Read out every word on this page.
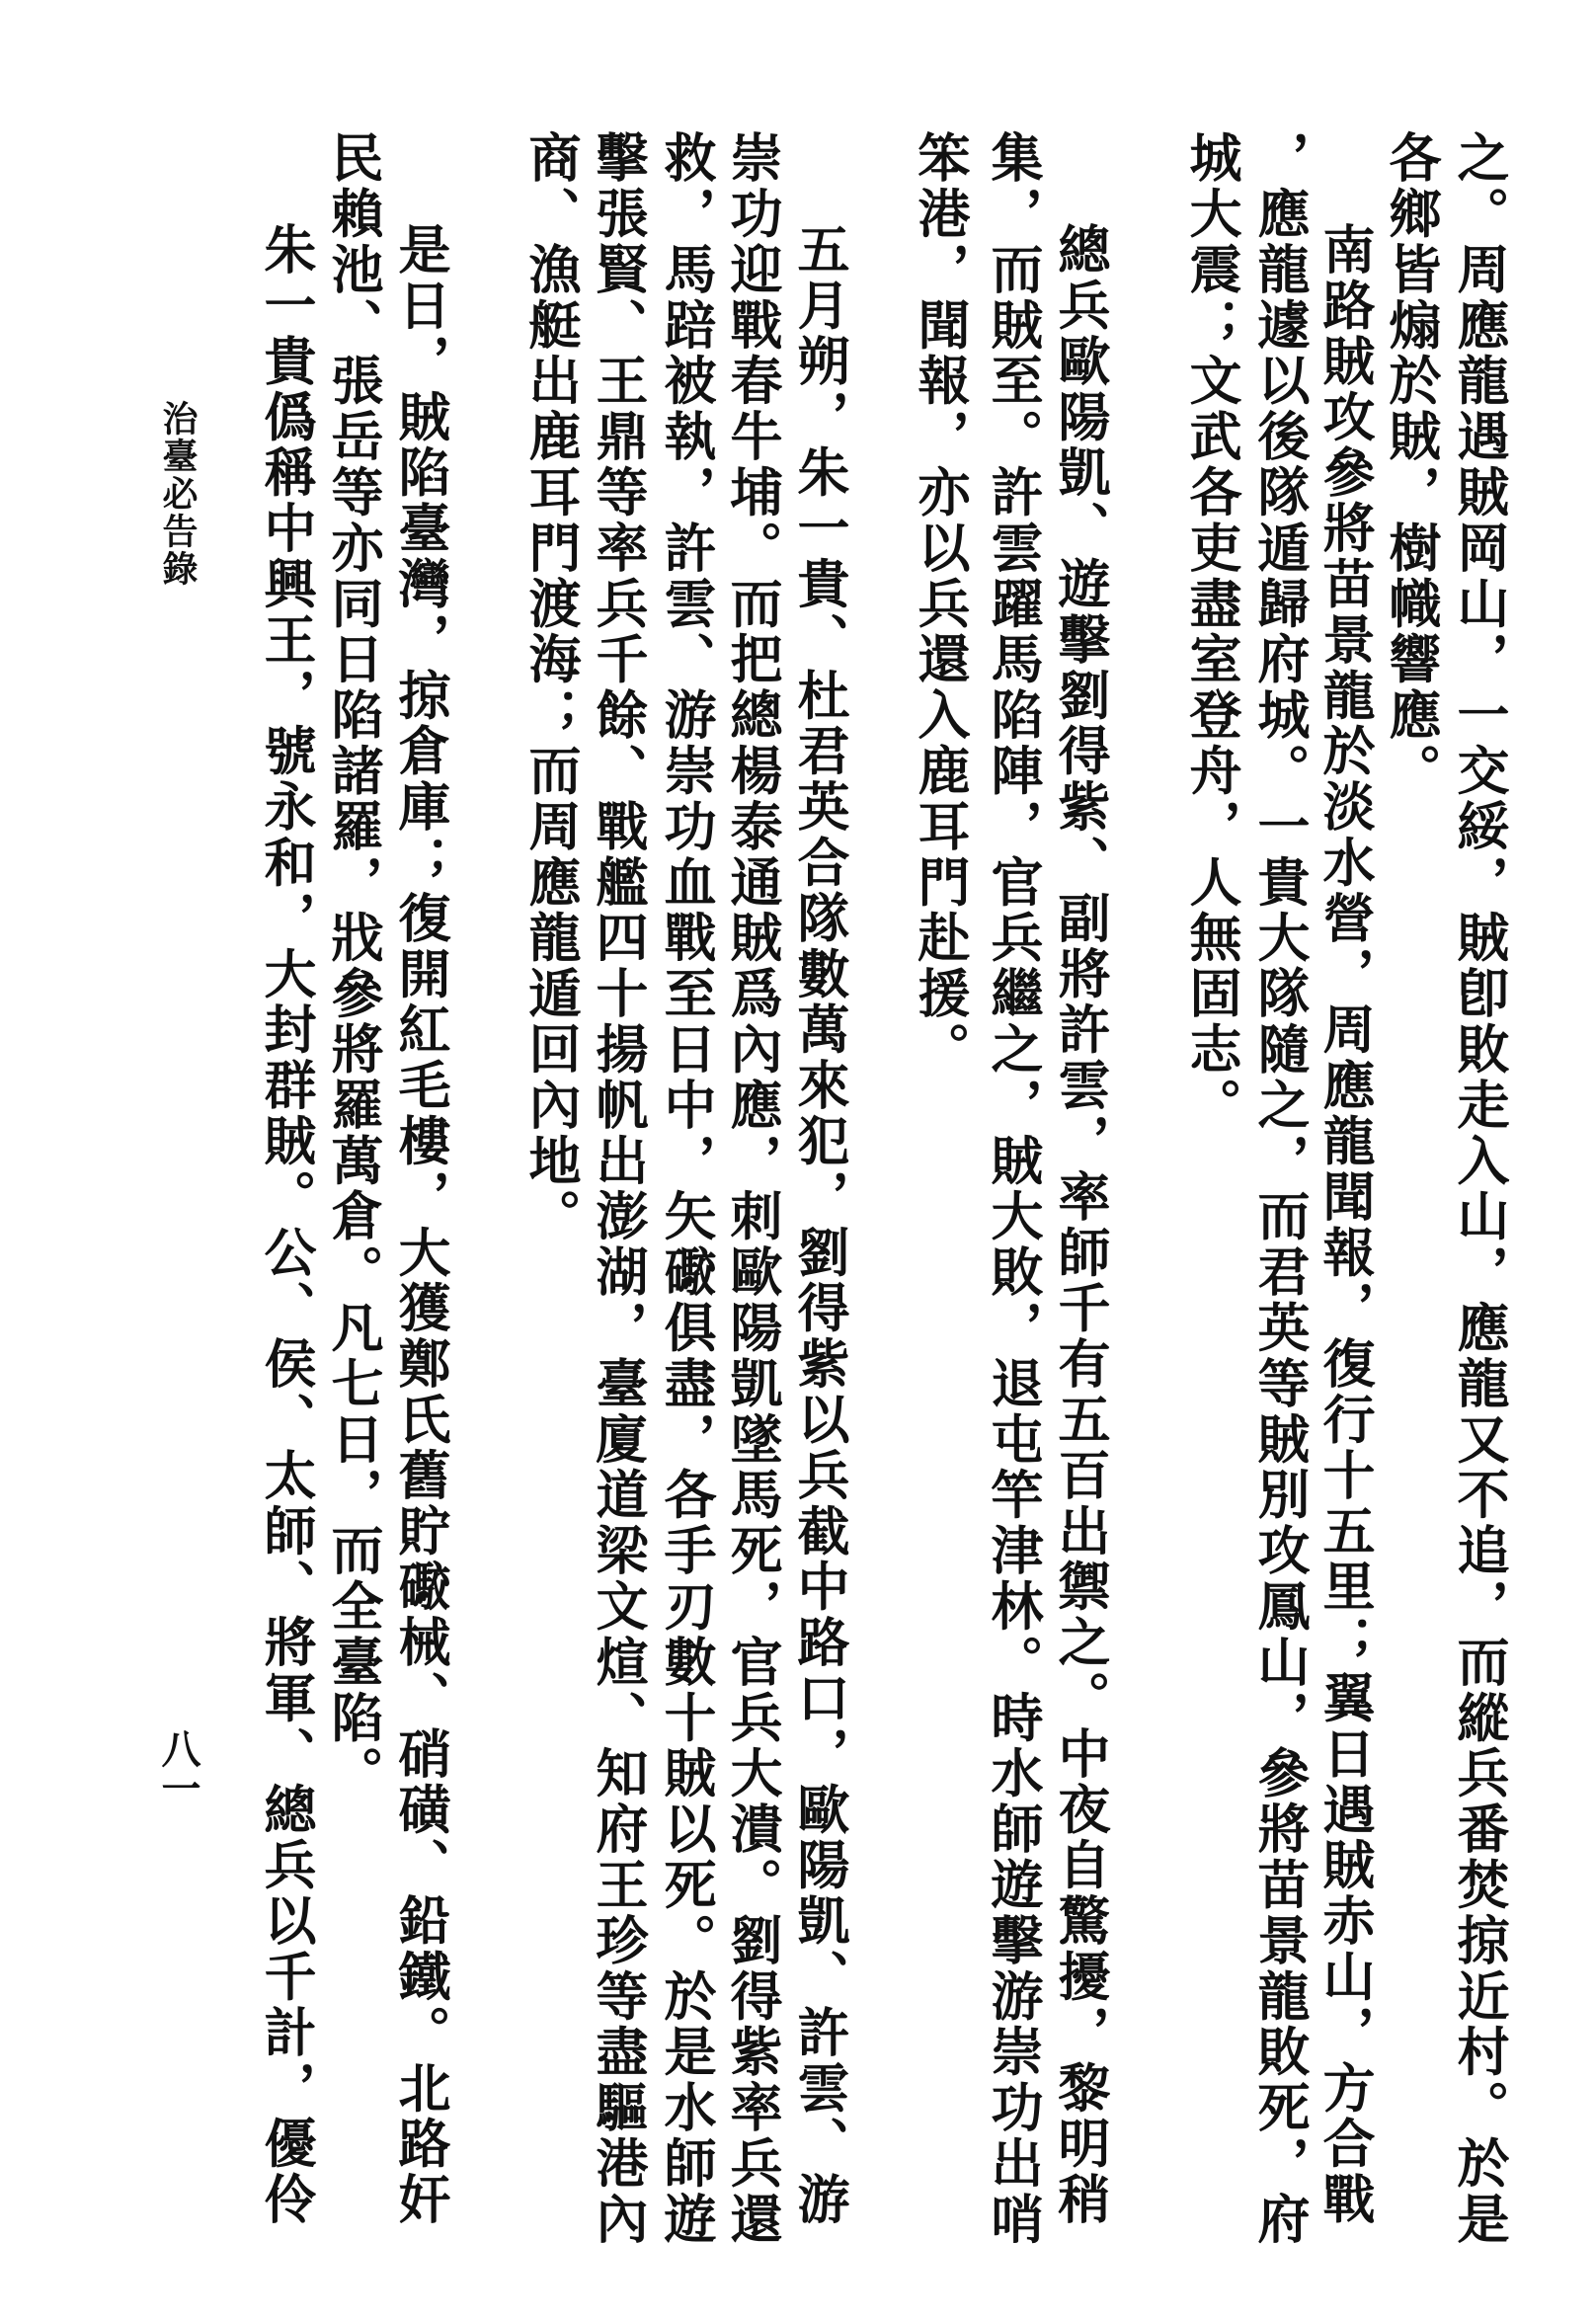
之。周應龍遇賊岡山，一交綏，賊卽敗走入山，應龍又不追，而縱兵番焚掠近村。於是
各鄉皆煽於賊，樹幟響應。
南路賊攻參將苗景龍於淡水營，周應龍聞報，復行十五里；翼日遇賊赤山，方合戰
，應龍遽以後隊遁歸府城。一貴大隊隨之，而君英等賊別攻鳳山，參將苗景龍敗死，府
城大震；文武各吏盡室登舟，人無固志。
總兵歐陽凱、遊擊劉得紫、副將許雲，率師千有五百出禦之。中夜自驚擾，黎明稍
集，而賊至。許雲躍馬陷陣，官兵繼之，賊大敗，退屯竿津林。時水師遊擊游崇功出哨
笨港，聞報，亦以兵還入鹿耳門赴援。
五月朔，朱一貴、杜君英合隊數萬來犯，劉得紫以兵截中路口，歐陽凱、許雲、游
崇功迎戰春牛埔。而把總楊泰通賊爲內應，刺歐陽凱墜馬死，官兵大潰。劉得紫率兵還
救，馬踣被執，許雲、游崇功血戰至日中，矢礮俱盡，各手刃數十賊以死。於是水師遊
擊張賢、王鼎等率兵千餘、戰艦四十揚帆出澎湖，臺廈道梁文煊、知府王珍等盡驅港內
商、漁艇出鹿耳門渡海；而周應龍遁回內地。
是日，賊陷臺灣，掠倉庫；復開紅毛樓，大獲鄭氏舊貯礮械、硝磺、鉛鐵。北路奸
民賴池、張岳等亦同日陷諸羅，戕參將羅萬倉。凡七日，而全臺陷。
朱一貴僞稱中興王，號永和，大封群賊。公、侯、太師、將軍、總兵以千計，優伶
治臺必告錄
八一
